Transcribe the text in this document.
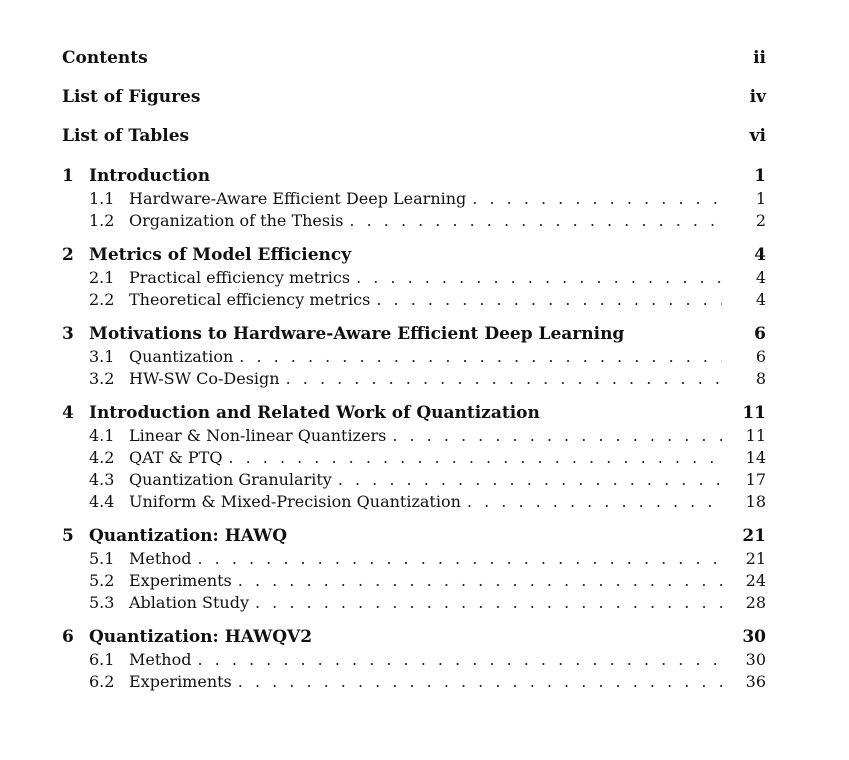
Contents	ii
List of Figures	iv
List of Tables	vi
1 Introduction	1
1.1 Hardware-Aware Efficient Deep Learning . . .	1
1.2 Organization of the Thesis . . .	2
2 Metrics of Model Efficiency	4
2.1 Practical efficiency metrics . . .	4
2.2 Theoretical efficiency metrics . . .	4
3 Motivations to Hardware-Aware Efficient Deep Learning	6
3.1 Quantization . . .	6
3.2 HW-SW Co-Design . . .	8
4 Introduction and Related Work of Quantization	11
4.1 Linear & Non-linear Quantizers . . .	11
4.2 QAT & PTQ . . .	14
4.3 Quantization Granularity . . .	17
4.4 Uniform & Mixed-Precision Quantization . . .	18
5 Quantization: HAWQ	21
5.1 Method . . .	21
5.2 Experiments . . .	24
5.3 Ablation Study . . .	28
6 Quantization: HAWQV2	30
6.1 Method . . .	30
6.2 Experiments . . .	36
